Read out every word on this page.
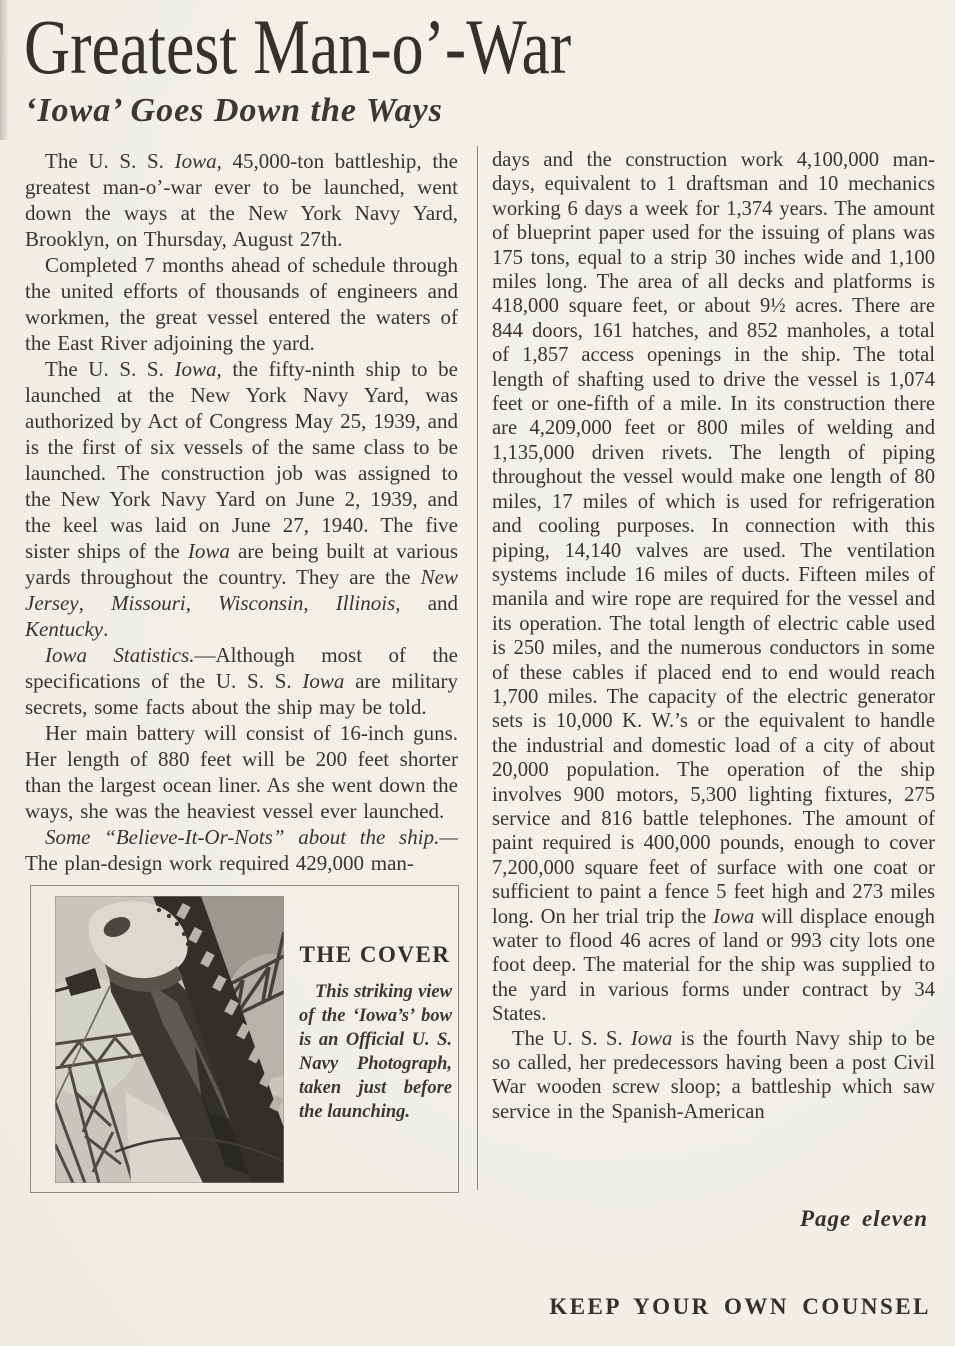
Greatest Man-o’-War
‘Iowa’ Goes Down the Ways

The U. S. S. Iowa, 45,000-ton battleship, the greatest man-o’-war ever to be launched, went down the ways at the New York Navy Yard, Brooklyn, on Thursday, August 27th.

Completed 7 months ahead of schedule through the united efforts of thousands of engineers and workmen, the great vessel entered the waters of the East River adjoining the yard.

The U. S. S. Iowa, the fifty-ninth ship to be launched at the New York Navy Yard, was authorized by Act of Congress May 25, 1939, and is the first of six vessels of the same class to be launched. The construction job was assigned to the New York Navy Yard on June 2, 1939, and the keel was laid on June 27, 1940. The five sister ships of the Iowa are being built at various yards throughout the country. They are the New Jersey, Missouri, Wisconsin, Illinois, and Kentucky.

Iowa Statistics.—Although most of the specifications of the U. S. S. Iowa are military secrets, some facts about the ship may be told.

Her main battery will consist of 16-inch guns. Her length of 880 feet will be 200 feet shorter than the largest ocean liner. As she went down the ways, she was the heaviest vessel ever launched.

Some “Believe-It-Or-Nots” about the ship.— The plan-design work required 429,000 man-

days and the construction work 4,100,000 man-days, equivalent to 1 draftsman and 10 mechanics working 6 days a week for 1,374 years. The amount of blueprint paper used for the issuing of plans was 175 tons, equal to a strip 30 inches wide and 1,100 miles long. The area of all decks and platforms is 418,000 square feet, or about 9½ acres. There are 844 doors, 161 hatches, and 852 manholes, a total of 1,857 access openings in the ship. The total length of shafting used to drive the vessel is 1,074 feet or one-fifth of a mile. In its construction there are 4,209,000 feet or 800 miles of welding and 1,135,000 driven rivets. The length of piping throughout the vessel would make one length of 80 miles, 17 miles of which is used for refrigeration and cooling purposes. In connection with this piping, 14,140 valves are used. The ventilation systems include 16 miles of ducts. Fifteen miles of manila and wire rope are required for the vessel and its operation. The total length of electric cable used is 250 miles, and the numerous conductors in some of these cables if placed end to end would reach 1,700 miles. The capacity of the electric generator sets is 10,000 K. W.’s or the equivalent to handle the industrial and domestic load of a city of about 20,000 population. The operation of the ship involves 900 motors, 5,300 lighting fixtures, 275 service and 816 battle telephones. The amount of paint required is 400,000 pounds, enough to cover 7,200,000 square feet of surface with one coat or sufficient to paint a fence 5 feet high and 273 miles long. On her trial trip the Iowa will displace enough water to flood 46 acres of land or 993 city lots one foot deep. The material for the ship was supplied to the yard in various forms under contract by 34 States.

The U. S. S. Iowa is the fourth Navy ship to be so called, her predecessors having been a post Civil War wooden screw sloop; a battleship which saw service in the Spanish-American

THE COVER
This striking view of the ‘Iowa’s’ bow is an Official U. S. Navy Photograph, taken just before the launching.
Page eleven
KEEP YOUR OWN COUNSEL
